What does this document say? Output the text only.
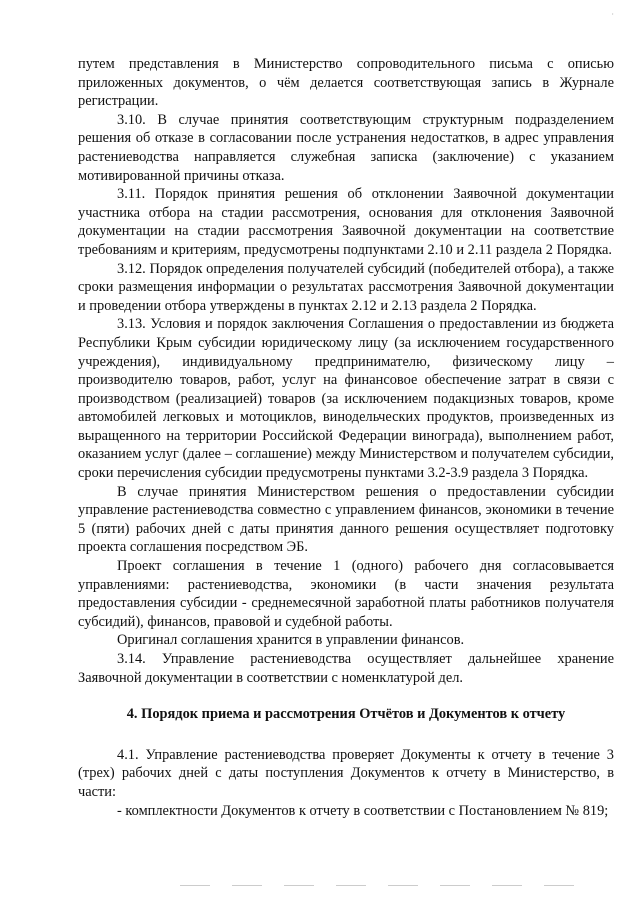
·

путем представления в Министерство сопроводительного письма с описью приложенных документов, о чём делается соответствующая запись в Журнале регистрации.

3.10. В случае принятия соответствующим структурным подразделением решения об отказе в согласовании после устранения недостатков, в адрес управления растениеводства направляется служебная записка (заключение) с указанием мотивированной причины отказа.

3.11. Порядок принятия решения об отклонении Заявочной документации участника отбора на стадии рассмотрения, основания для отклонения Заявочной документации на стадии рассмотрения Заявочной документации на соответствие требованиям и критериям, предусмотрены подпунктами 2.10 и 2.11 раздела 2 Порядка.

3.12. Порядок определения получателей субсидий (победителей отбора), а также сроки размещения информации о результатах рассмотрения Заявочной документации и проведении отбора утверждены в пунктах 2.12 и 2.13 раздела 2 Порядка.

3.13. Условия и порядок заключения Соглашения о предоставлении из бюджета Республики Крым субсидии юридическому лицу (за исключением государственного учреждения), индивидуальному предпринимателю, физическому лицу – производителю товаров, работ, услуг на финансовое обеспечение затрат в связи с производством (реализацией) товаров (за исключением подакцизных товаров, кроме автомобилей легковых и мотоциклов, винодельческих продуктов, произведенных из выращенного на территории Российской Федерации винограда), выполнением работ, оказанием услуг (далее – соглашение) между Министерством и получателем субсидии, сроки перечисления субсидии предусмотрены пунктами 3.2-3.9 раздела 3 Порядка.

В случае принятия Министерством решения о предоставлении субсидии управление растениеводства совместно с управлением финансов, экономики в течение 5 (пяти) рабочих дней с даты принятия данного решения осуществляет подготовку проекта соглашения посредством ЭБ.

Проект соглашения в течение 1 (одного) рабочего дня согласовывается управлениями: растениеводства, экономики (в части значения результата предоставления субсидии - среднемесячной заработной платы работников получателя субсидий), финансов, правовой и судебной работы.

Оригинал соглашения хранится в управлении финансов.

3.14. Управление растениеводства осуществляет дальнейшее хранение Заявочной документации в соответствии с номенклатурой дел.

4. Порядок приема и рассмотрения Отчётов и Документов к отчету

4.1. Управление растениеводства проверяет Документы к отчету в течение 3 (трех) рабочих дней с даты поступления Документов к отчету в Министерство, в части:

- комплектности Документов к отчету в соответствии с Постановлением № 819;
